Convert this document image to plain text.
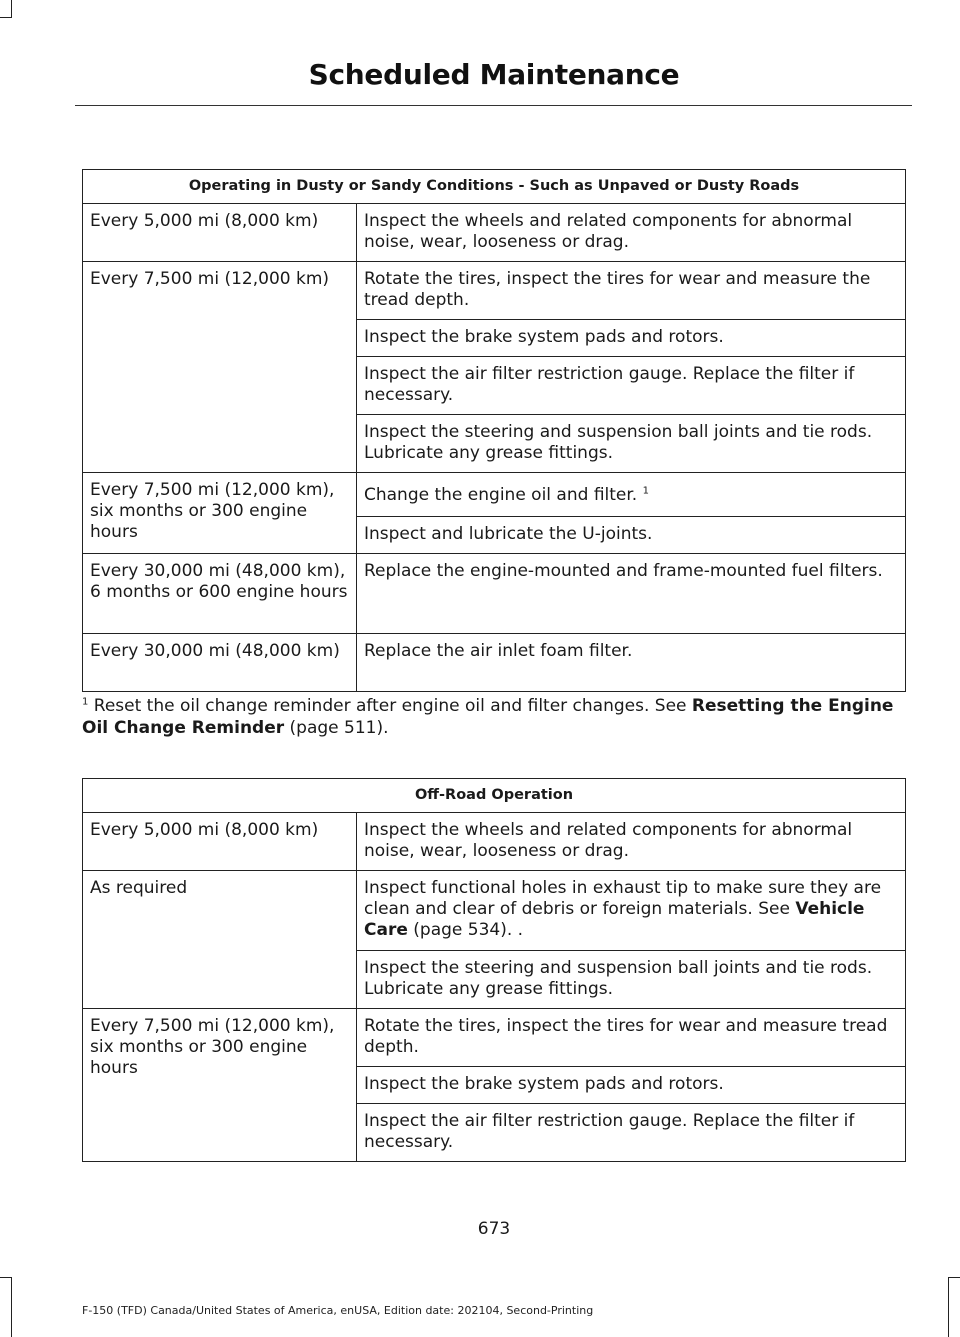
Scheduled Maintenance
Operating in Dusty or Sandy Conditions - Such as Unpaved or Dusty Roads	
Every 5,000 mi (8,000 km)	Inspect the wheels and related components for abnormal noise, wear, looseness or drag.
Every 7,500 mi (12,000 km)	Rotate the tires, inspect the tires for wear and measure the tread depth.
	Inspect the brake system pads and rotors.
	Inspect the air filter restriction gauge. Replace the filter if necessary.
	Inspect the steering and suspension ball joints and tie rods. Lubricate any grease fittings.
Every 7,500 mi (12,000 km), six months or 300 engine hours	Change the engine oil and filter. $^1$
	Inspect and lubricate the U-joints.
Every 30,000 mi (48,000 km), 6 months or 600 engine hours	Replace the engine-mounted and frame-mounted fuel filters.
Every 30,000 mi (48,000 km)	Replace the air inlet foam filter.
$^1$ Reset the oil change reminder after engine oil and filter changes. See Resetting the Engine Oil Change Reminder (page 511).
Off-Road Operation	
Every 5,000 mi (8,000 km)	Inspect the wheels and related components for abnormal noise, wear, looseness or drag.
As required	Inspect functional holes in exhaust tip to make sure they are clean and clear of debris or foreign materials. See Vehicle Care (page 534). .
	Inspect the steering and suspension ball joints and tie rods. Lubricate any grease fittings.
Every 7,500 mi (12,000 km), six months or 300 engine hours	Rotate the tires, inspect the tires for wear and measure tread depth.
	Inspect the brake system pads and rotors.
	Inspect the air filter restriction gauge. Replace the filter if necessary.
673
F-150 (TFD) Canada/United States of America, enUSA, Edition date: 202104, Second-Printing
